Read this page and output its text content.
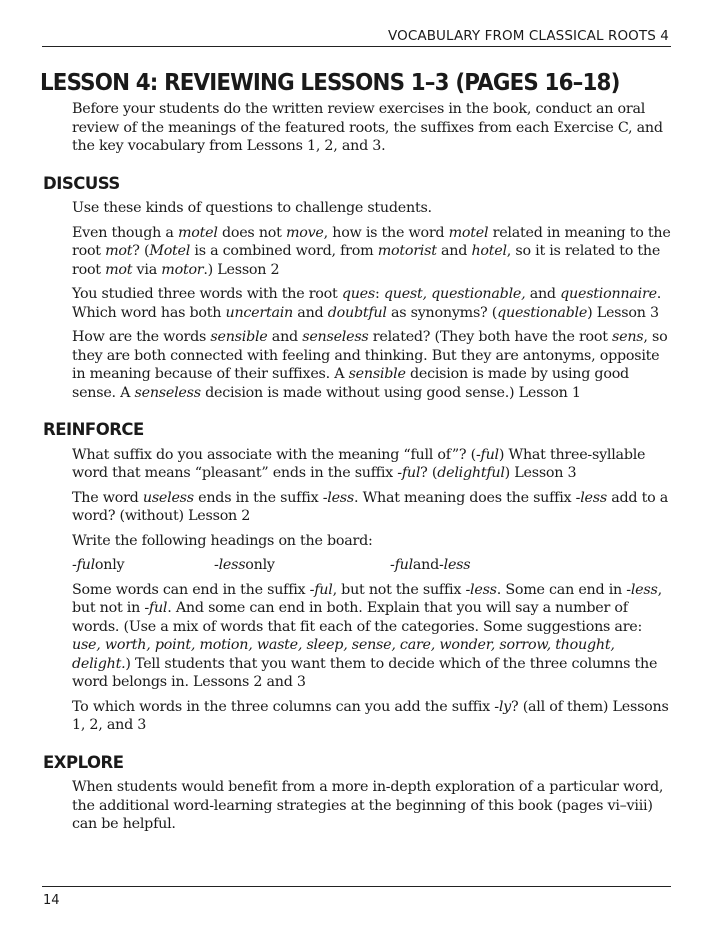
VOCABULARY FROM CLASSICAL ROOTS 4
LESSON 4: REVIEWING LESSONS 1–3 (PAGES 16–18)

Before your students do the written review exercises in the book, conduct an oral review of the meanings of the featured roots, the suffixes from each Exercise C, and the key vocabulary from Lessons 1, 2, and 3.

DISCUSS

Use these kinds of questions to challenge students.

Even though a motel does not move, how is the word motel related in meaning to the root mot? (Motel is a combined word, from motorist and hotel, so it is related to the root mot via motor.) Lesson 2

You studied three words with the root ques: quest, questionable, and questionnaire. Which word has both uncertain and doubtful as synonyms? (questionable) Lesson 3

How are the words sensible and senseless related? (They both have the root sens, so they are both connected with feeling and thinking. But they are antonyms, opposite in meaning because of their suffixes. A sensible decision is made by using good sense. A senseless decision is made without using good sense.) Lesson 1

REINFORCE

What suffix do you associate with the meaning “full of”? (-ful) What three-syllable word that means “pleasant” ends in the suffix -ful? (delightful) Lesson 3

The word useless ends in the suffix -less. What meaning does the suffix -less add to a word? (without) Lesson 2

Write the following headings on the board:

-fulonly	-lessonly	-fuland-less

Some words can end in the suffix -ful, but not the suffix -less. Some can end in -less, but not in -ful. And some can end in both. Explain that you will say a number of words. (Use a mix of words that fit each of the categories. Some suggestions are: use, worth, point, motion, waste, sleep, sense, care, wonder, sorrow, thought, delight.) Tell students that you want them to decide which of the three columns the word belongs in. Lessons 2 and 3

To which words in the three columns can you add the suffix -ly? (all of them) Lessons 1, 2, and 3

EXPLORE

When students would benefit from a more in-depth exploration of a particular word, the additional word-learning strategies at the beginning of this book (pages vi–viii) can be helpful.

14
